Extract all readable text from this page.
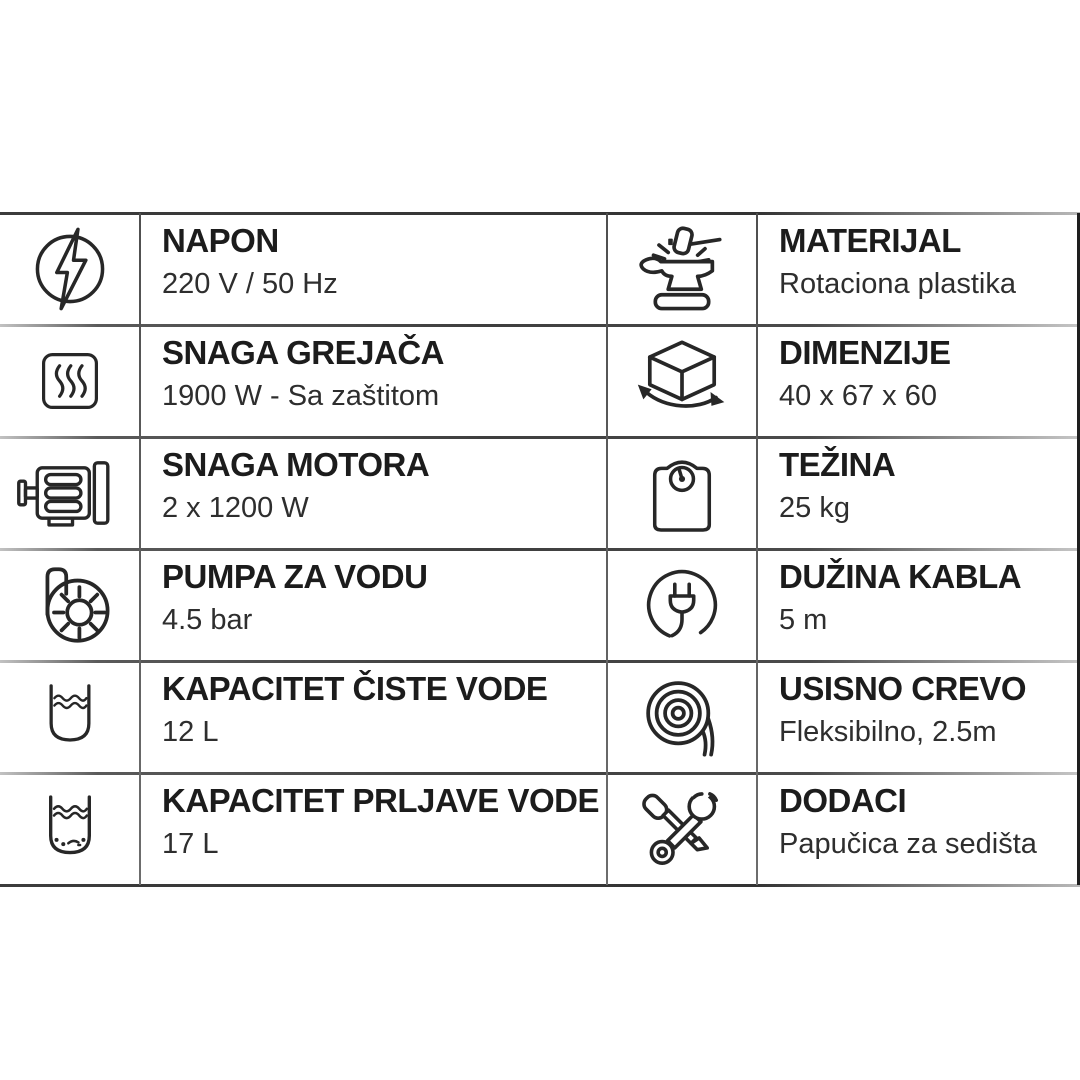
NAPON
220 V / 50 Hz
MATERIJAL
Rotaciona plastika
SNAGA GREJAČA
1900 W - Sa zaštitom
DIMENZIJE
40 x 67 x 60
SNAGA MOTORA
2 x 1200 W
TEŽINA
25 kg
PUMPA ZA VODU
4.5 bar
DUŽINA KABLA
5 m
KAPACITET ČISTE VODE
12 L
USISNO CREVO
Fleksibilno, 2.5m
KAPACITET PRLJAVE VODE
17 L
DODACI
Papučica za sedišta
